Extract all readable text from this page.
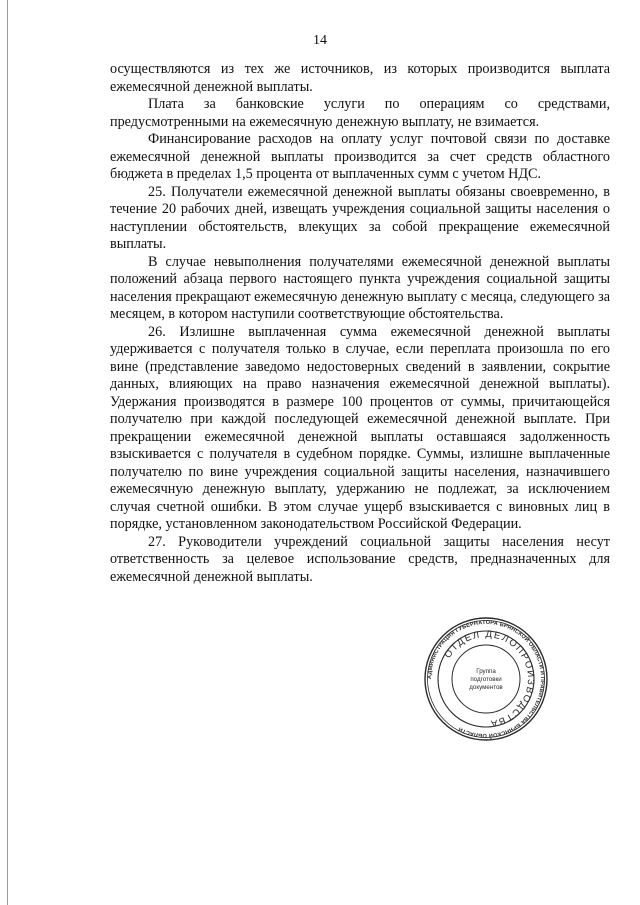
14

осуществляются из тех же источников, из которых производится выплата ежемесячной денежной выплаты.

Плата за банковские услуги по операциям со средствами, предусмотренными на ежемесячную денежную выплату, не взимается.

Финансирование расходов на оплату услуг почтовой связи по доставке ежемесячной денежной выплаты производится за счет средств областного бюджета в пределах 1,5 процента от выплаченных сумм с учетом НДС.

25. Получатели ежемесячной денежной выплаты обязаны своевременно, в течение 20 рабочих дней, извещать учреждения социальной защиты населения о наступлении обстоятельств, влекущих за собой прекращение ежемесячной выплаты.

В случае невыполнения получателями ежемесячной денежной выплаты положений абзаца первого настоящего пункта учреждения социальной защиты населения прекращают ежемесячную денежную выплату с месяца, следующего за месяцем, в котором наступили соответствующие обстоятельства.

26. Излишне выплаченная сумма ежемесячной денежной выплаты удерживается с получателя только в случае, если переплата произошла по его вине (представление заведомо недостоверных сведений в заявлении, сокрытие данных, влияющих на право назначения ежемесячной денежной выплаты). Удержания производятся в размере 100 процентов от суммы, причитающейся получателю при каждой последующей ежемесячной денежной выплате. При прекращении ежемесячной денежной выплаты оставшаяся задолженность взыскивается с получателя в судебном порядке. Суммы, излишне выплаченные получателю по вине учреждения социальной защиты населения, назначившего ежемесячную денежную выплату, удержанию не подлежат, за исключением случая счетной ошибки. В этом случае ущерб взыскивается с виновных лиц в порядке, установленном законодательством Российской Федерации.

27. Руководители учреждений социальной защиты населения несут ответственность за целевое использование средств, предназначенных для ежемесячной денежной выплаты.

АДМИНИСТРАЦИЯ ГУБЕРНАТОРА БРЯНСКОЙ ОБЛАСТИ И ПРАВИТЕЛЬСТВА БРЯНСКОЙ ОБЛАСТИ
ОТДЕЛ ДЕЛОПРОИЗВОДСТВА
Группа
подготовки
документов
